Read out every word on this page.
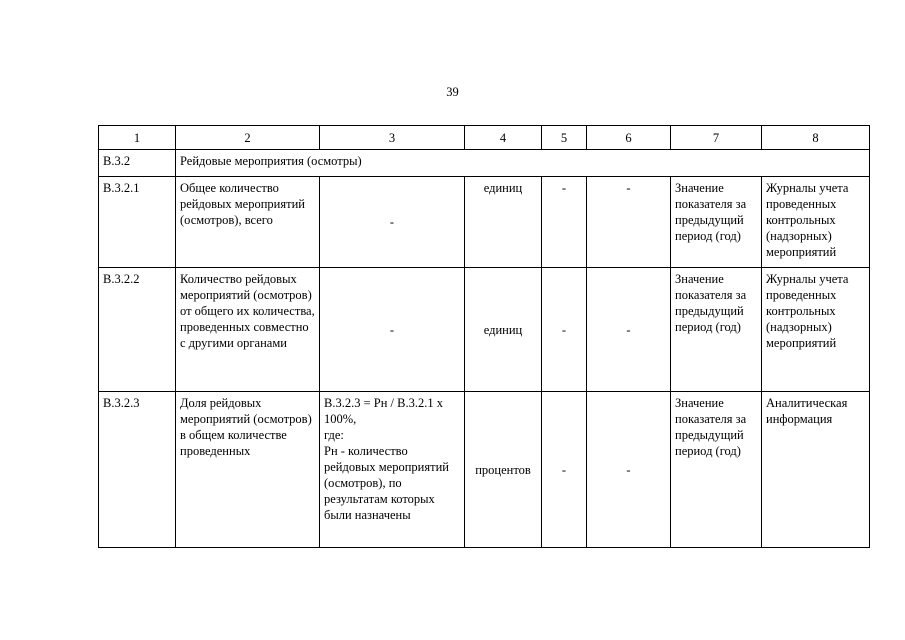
39
1	2	3	4	5	6	7	8
В.3.2	Рейдовые мероприятия (осмотры)						
В.3.2.1	Общее количество рейдовых мероприятий (осмотров), всего	-	единиц	-	-	Значение показателя за предыдущий период (год)	Журналы учета проведенных контрольных (надзорных) мероприятий
В.3.2.2	Количество рейдовых мероприятий (осмотров) от общего их количества, проведенных совместно с другими органами	-	единиц	-	-	Значение показателя за предыдущий период (год)	Журналы учета проведенных контрольных (надзорных) мероприятий
В.3.2.3	Доля рейдовых мероприятий (осмотров) в общем количестве проведенных	В.3.2.3 = Рн / В.3.2.1 x 100%,
где:
Рн - количество рейдовых мероприятий (осмотров), по результатам которых были назначены	процентов	-	-	Значение показателя за предыдущий период (год)	Аналитическая информация
